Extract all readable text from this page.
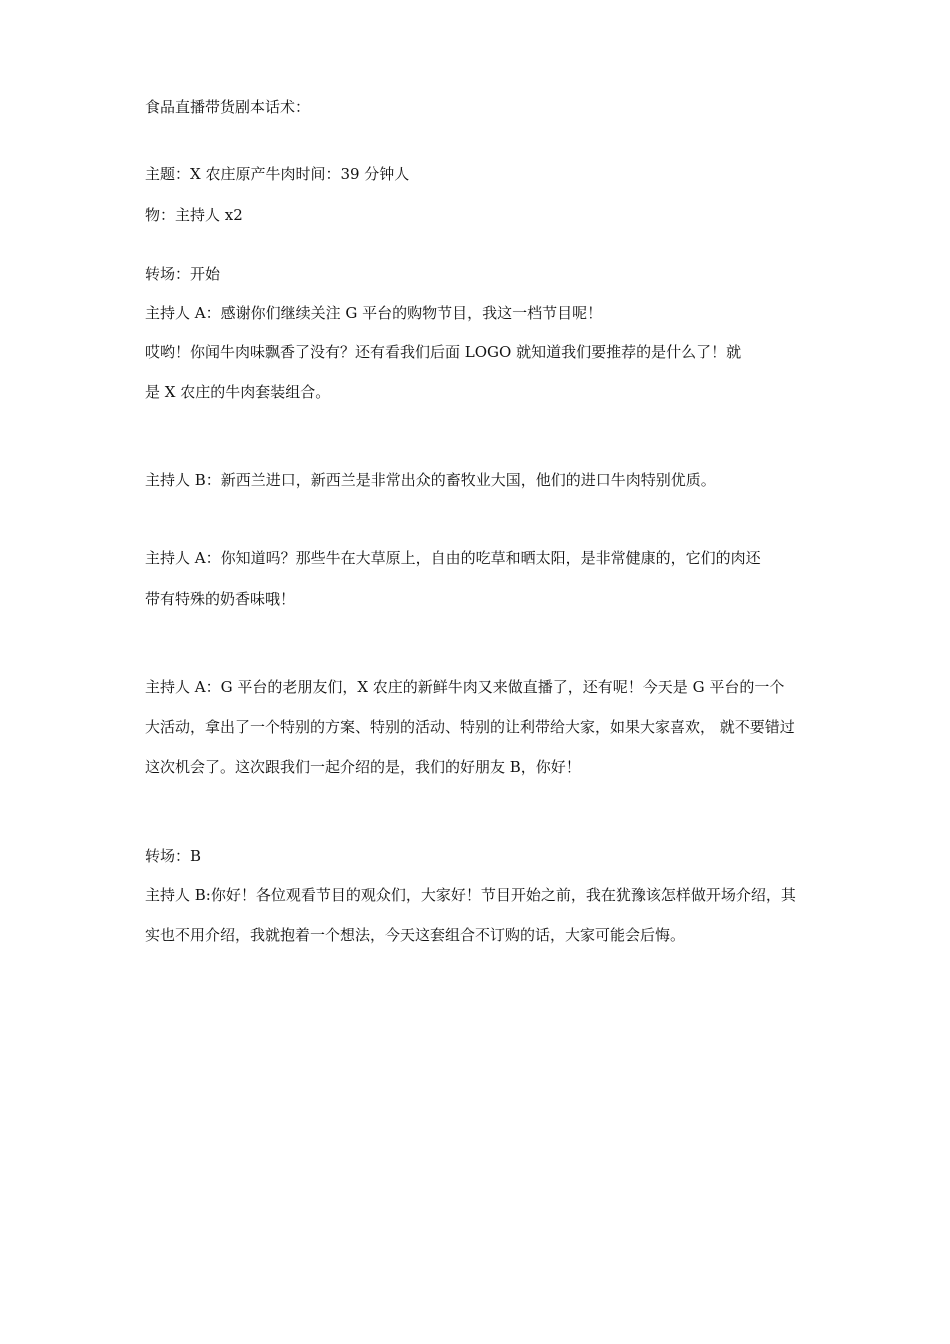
食品直播带货剧本话术：
主题：X 农庄原产牛肉时间：39 分钟人
物：主持人 x2
转场：开始
主持人 A：感谢你们继续关注 G 平台的购物节目，我这一档节目呢！
哎哟！你闻牛肉味飘香了没有？还有看我们后面 LOGO 就知道我们要推荐的是什么了！就
是 X 农庄的牛肉套装组合。
主持人 B：新西兰进口，新西兰是非常出众的畜牧业大国，他们的进口牛肉特别优质。
主持人 A：你知道吗？那些牛在大草原上，自由的吃草和晒太阳，是非常健康的，它们的肉还
带有特殊的奶香味哦！
主持人 A：G 平台的老朋友们，X 农庄的新鲜牛肉又来做直播了，还有呢！今天是 G 平台的一个
大活动，拿出了一个特别的方案、特别的活动、特别的让利带给大家，如果大家喜欢， 就不要错过
这次机会了。这次跟我们一起介绍的是，我们的好朋友 B，你好！
转场：B
主持人 B:你好！各位观看节目的观众们，大家好！节目开始之前，我在犹豫该怎样做开场介绍，其
实也不用介绍，我就抱着一个想法，今天这套组合不订购的话，大家可能会后悔。
